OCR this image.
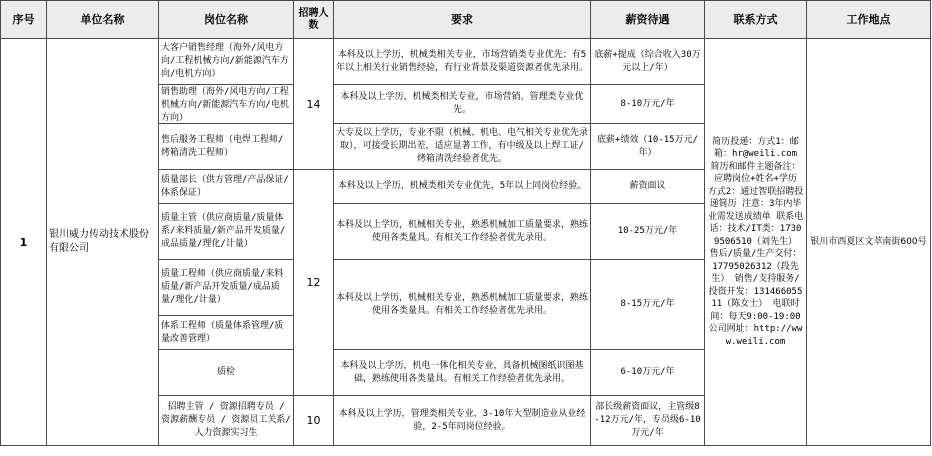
序号	单位名称	岗位名称	招聘人数	要求	薪资待遇	联系方式	工作地点
1	银川威力传动技术股份有限公司	大客户销售经理（海外/风电方向/工程机械方向/新能源汽车方向/电机方向）	14	本科及以上学历，机械类相关专业，市场营销类专业优先；有5年以上相关行业销售经验，有行业背景及渠道资源者优先录用。	底薪+提成（综合收入30万元以上/年）	简历投递：方式1：邮箱：hr@weili.com 简历和邮件主题备注：应聘岗位+姓名+学历 方式2：通过智联招聘投递简历 注意：3年内毕业需发送成绩单 联系电话：技术/IT类：17309506510（刘先生） 售后/质量/生产交付：17795026312（段先生） 销售/支持服务/投资开发：13146605511（陈女士） 电联时间：每天9:00-19:00 公司网址：http://www.weili.com	银川市西夏区文萃南街600号

		销售助理（海外/风电方向/工程机械方向/新能源汽车方向/电机方向）		本科及以上学历，机械类相关专业，市场营销、管理类专业优先。	8-10万元/年		

		售后服务工程师（电焊工程师/烤箱清洗工程师）		大专及以上学历，专业不限（机械、机电、电气相关专业优先录取），可接受长期出差，适应显著工作，有中级及以上焊工证/烤箱清洗经验者优先。	底薪+绩效（10-15万元/年）		
		质量部长（供方管理/产品保证/体系保证）	12	本科及以上学历，机械类相关专业优先，5年以上同岗位经验。	薪资面议		

		质量主管（供应商质量/质量体系/来料质量/新产品开发质量/成品质量/理化/计量）		本科及以上学历，机械相关专业，熟悉机械加工质量要求，熟练使用各类量具。有相关工作经验者优先录用。	10-25万元/年		

		质量工程师（供应商质量/来料质量/新产品开发质量/成品质量/理化/计量）		本科及以上学历，机械相关专业，熟悉机械加工质量要求，熟练使用各类量具。有相关工作经验者优先录用。	8-15万元/年		
		体系工程师（质量体系管理/质量改善管理）					
		质检		本科及以上学历，机电一体化相关专业，具备机械图纸识图基础，熟练使用各类量具。有相关工作经验者优先录用。	6-10万元/年		

		招聘主管 / 资源招聘专员 / 资源薪酬专员 / 资源员工关系/人力资源实习生	10	本科及以上学历，管理类相关专业，3-10年大型制造业从业经验，2-5年同岗位经验。	部长级薪资面议，主管级8-12万元/年，专员级6-10万元/年		
